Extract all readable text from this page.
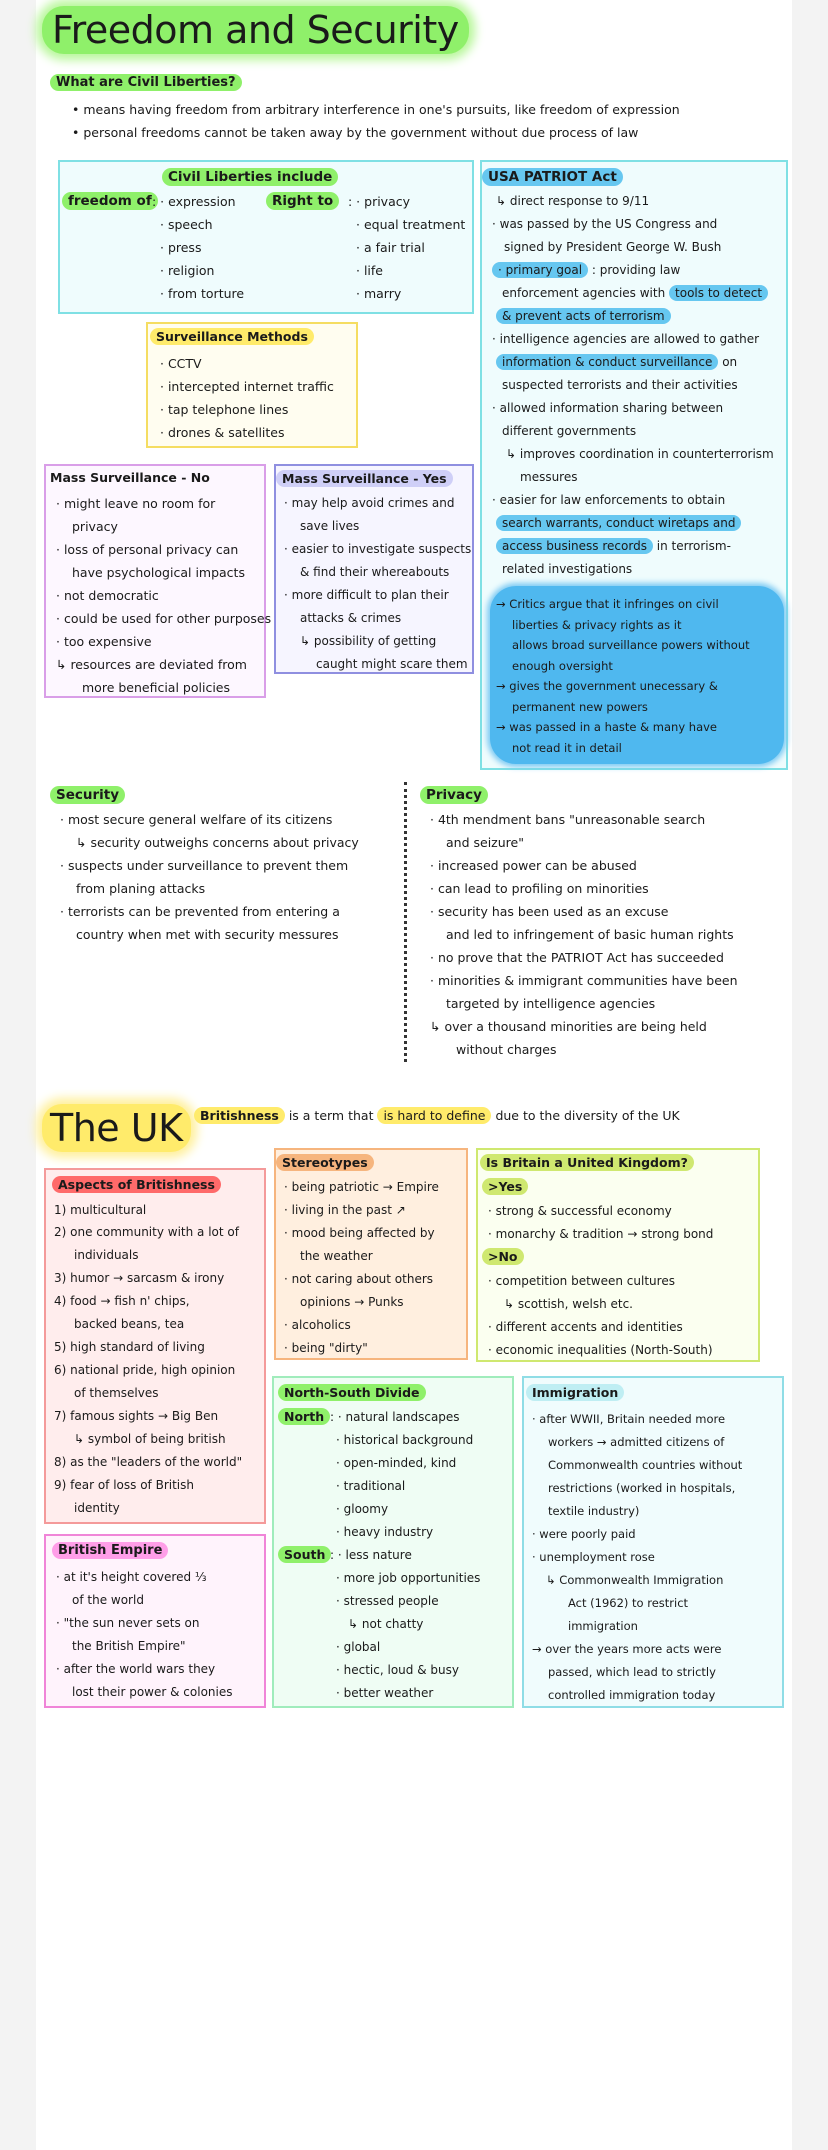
Freedom and Security
What are Civil Liberties?
• means having freedom from arbitrary interference in one's pursuits, like freedom of expression
• personal freedoms cannot be taken away by the government without due process of law
Civil Liberties include
freedom of : · expression
· speech
· press
· religion
· from torture
Right to	: · privacy
· equal treatment
· a fair trial
· life
· marry
Surveillance Methods
· CCTV
· intercepted internet traffic
· tap telephone lines
· drones & satellites
Mass Surveillance - No
· might leave no room for
privacy
· loss of personal privacy can
have psychological impacts
· not democratic
· could be used for other purposes
· too expensive
↳ resources are deviated from
more beneficial policies
Mass Surveillance - Yes
· may help avoid crimes and
save lives
· easier to investigate suspects
& find their whereabouts
· more difficult to plan their
attacks & crimes
↳ possibility of getting
caught might scare them
USA PATRIOT Act
↳ direct response to 9/11
· was passed by the US Congress and
signed by President George W. Bush
· primary goal : providing law
enforcement agencies with tools to detect
& prevent acts of terrorism
· intelligence agencies are allowed to gather
information & conduct surveillance on
suspected terrorists and their activities
· allowed information sharing between
different governments
↳ improves coordination in counterterrorism
messures
· easier for law enforcements to obtain
search warrants, conduct wiretaps and
access business records in terrorism-
related investigations
→ Critics argue that it infringes on civil
liberties & privacy rights as it
allows broad surveillance powers without
enough oversight
→ gives the government unecessary &
permanent new powers
→ was passed in a haste & many have
not read it in detail
Security
· most secure general welfare of its citizens
↳ security outweighs concerns about privacy
· suspects under surveillance to prevent them
from planing attacks
· terrorists can be prevented from entering a
country when met with security messures
Privacy
· 4th mendment bans "unreasonable search
and seizure"
· increased power can be abused
· can lead to profiling on minorities
· security has been used as an excuse
and led to infringement of basic human rights
· no prove that the PATRIOT Act has succeeded
· minorities & immigrant communities have been
targeted by intelligence agencies
↳ over a thousand minorities are being held
without charges
The UK	Britishness is a term that is hard to define due to the diversity of the UK
Aspects of Britishness
1) multicultural
2) one community with a lot of
individuals
3) humor → sarcasm & irony
4) food → fish n' chips,
backed beans, tea
5) high standard of living
6) national pride, high opinion
of themselves
7) famous sights → Big Ben
↳ symbol of being british
8) as the "leaders of the world"
9) fear of loss of British
identity
Stereotypes
· being patriotic → Empire
· living in the past ↗
· mood being affected by
the weather
· not caring about others
opinions → Punks
· alcoholics
· being "dirty"
Is Britain a United Kingdom?
>Yes
· strong & successful economy
· monarchy & tradition → strong bond
>No
· competition between cultures
↳ scottish, welsh etc.
· different accents and identities
· economic inequalities (North-South)
British Empire
· at it's height covered ⅓
of the world
· "the sun never sets on
the British Empire"
· after the world wars they
lost their power & colonies
North-South Divide
North : · natural landscapes
· historical background
· open-minded, kind
· traditional
· gloomy
· heavy industry
South : · less nature
· more job opportunities
· stressed people
↳ not chatty
· global
· hectic, loud & busy
· better weather
Immigration
· after WWII, Britain needed more
workers → admitted citizens of
Commonwealth countries without
restrictions (worked in hospitals,
textile industry)
· were poorly paid
· unemployment rose
↳ Commonwealth Immigration
Act (1962) to restrict
immigration
→ over the years more acts were
passed, which lead to strictly
controlled immigration today
